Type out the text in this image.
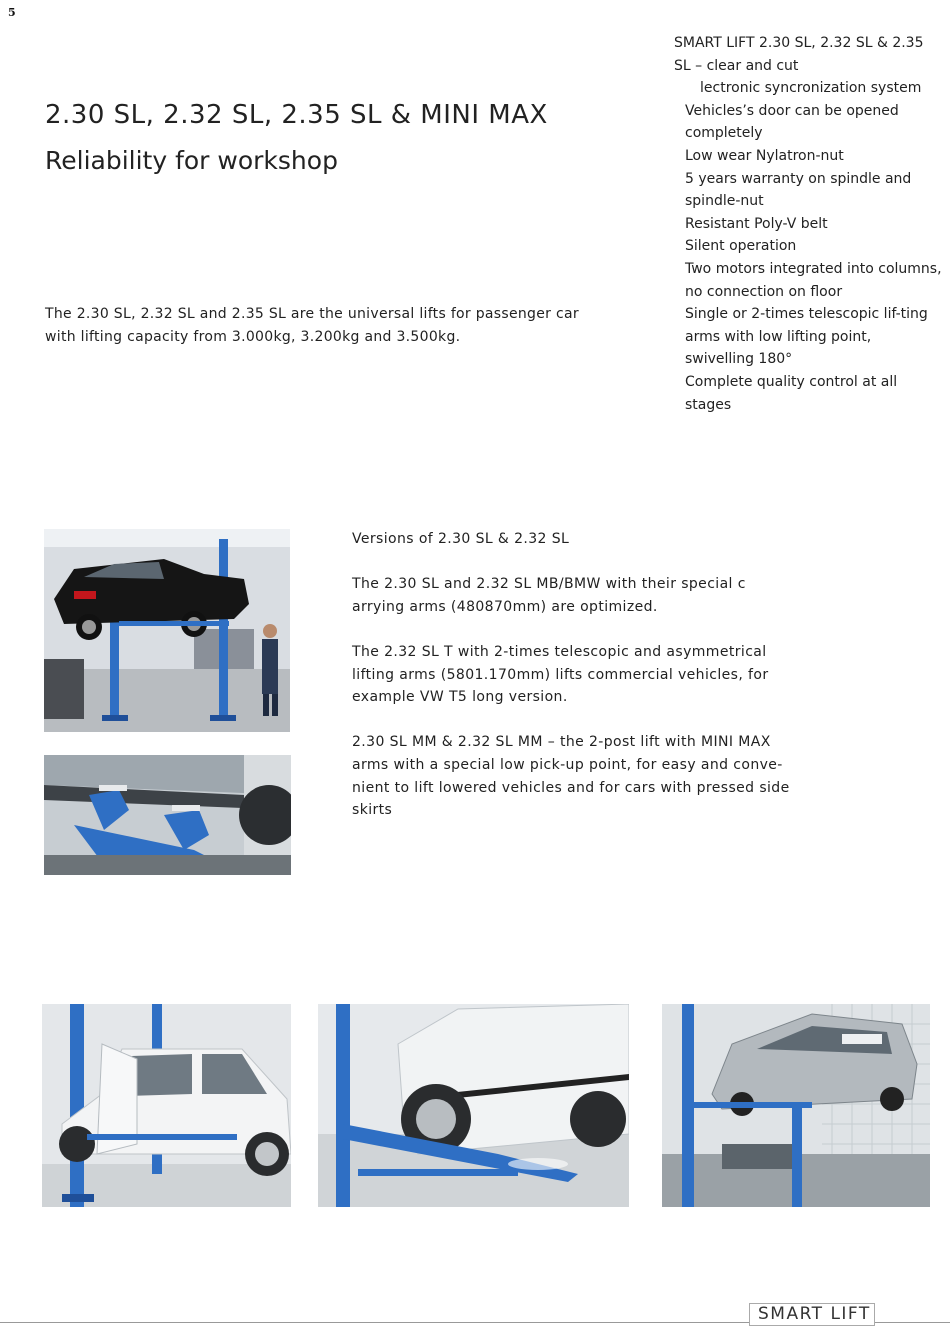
5
2.30 SL, 2.32 SL, 2.35 SL & MINI MAX
Reliability for workshop
The 2.30 SL, 2.32 SL and 2.35 SL are the universal lifts for passenger car with lifting capacity from 3.000kg, 3.200kg and 3.500kg.

SMART LIFT 2.30 SL, 2.32 SL & 2.35 SL – clear and cut

lectronic syncronization system

Vehicles’s door can be opened completely
Low wear Nylatron-nut
5 years warranty on spindle and spindle-nut
Resistant Poly-V belt
Silent operation
Two motors integrated into columns, no connection on floor
Single or 2-times telescopic lif-ting arms with low lifting point, swivelling 180°
Complete quality control at all stages

Versions of 2.30 SL & 2.32 SL

The 2.30 SL and 2.32 SL MB/BMW with their special c arrying arms (480870mm) are optimized.

The 2.32 SL T with 2-times telescopic and asymmetrical lifting arms (5801.170mm) lifts commercial vehicles, for example VW T5 long version.

2.30 SL MM & 2.32 SL MM – the 2-post lift with MINI MAX arms with a special low pick-up point, for easy and conve-nient to lift lowered vehicles and for cars with pressed side skirts

SMART LIFT
